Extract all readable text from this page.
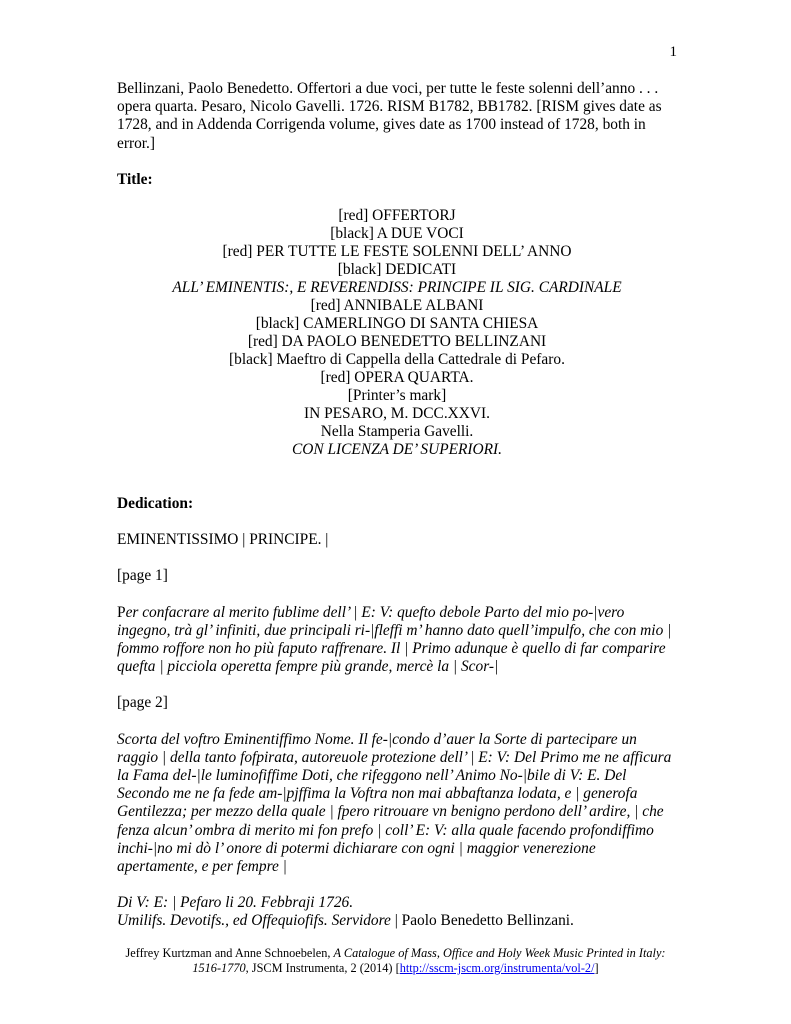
1

Bellinzani, Paolo Benedetto. Offertori a due voci, per tutte le feste solenni dell’anno . . . opera quarta. Pesaro, Nicolo Gavelli. 1726. RISM B1782, BB1782. [RISM gives date as 1728, and in Addenda Corrigenda volume, gives date as 1700 instead of 1728, both in error.]

Title:

[red] OFFERTORJ
[black] A DUE VOCI
[red] PER TUTTE LE FESTE SOLENNI DELL’ ANNO
[black] DEDICATI
ALL’ EMINENTIS:, E REVERENDISS: PRINCIPE IL SIG. CARDINALE
[red] ANNIBALE ALBANI
[black] CAMERLINGO DI SANTA CHIESA
[red] DA PAOLO BENEDETTO BELLINZANI
[black] Maeftro di Cappella della Cattedrale di Pefaro.
[red] OPERA QUARTA.
[Printer’s mark]
IN PESARO, M. DCC.XXVI.
Nella Stamperia Gavelli.
CON LICENZA DE’ SUPERIORI.

Dedication:

EMINENTISSIMO | PRINCIPE. |

[page 1]

Per confacrare al merito fublime dell’ | E: V: quefto debole Parto del mio po-|vero ingegno, trà gl’ infiniti, due principali ri-|fleffi m’ hanno dato quell’impulfo, che con mio | fommo roffore non ho più faputo raffrenare. Il | Primo adunque è quello di far comparire quefta | picciola operetta fempre più grande, mercè la | Scor-|

[page 2]

Scorta del voftro Eminentiffimo Nome. Il fe-|condo d’auer la Sorte di partecipare un raggio | della tanto fofpirata, autoreuole protezione dell’ | E: V: Del Primo me ne afficura la Fama del-|le luminofiffime Doti, che rifeggono nell’ Animo No-|bile di V: E. Del Secondo me ne fa fede am-|pjffima la Voftra non mai abbaftanza lodata, e | generofa Gentilezza; per mezzo della quale | fpero ritrouare vn benigno perdono dell’ ardire, | che fenza alcun’ ombra di merito mi fon prefo | coll’ E: V: alla quale facendo profondiffimo inchi-|no mi dò l’ onore di potermi dichiarare con ogni | maggior venerezione apertamente, e per fempre |

Di V: E: | Pefaro li 20. Febbraji 1726.

Umilifs. Devotifs., ed Offequiofifs. Servidore | Paolo Benedetto Bellinzani.

Jeffrey Kurtzman and Anne Schnoebelen, A Catalogue of Mass, Office and Holy Week Music Printed in Italy: 1516-1770, JSCM Instrumenta, 2 (2014) [http://sscm-jscm.org/instrumenta/vol-2/]
